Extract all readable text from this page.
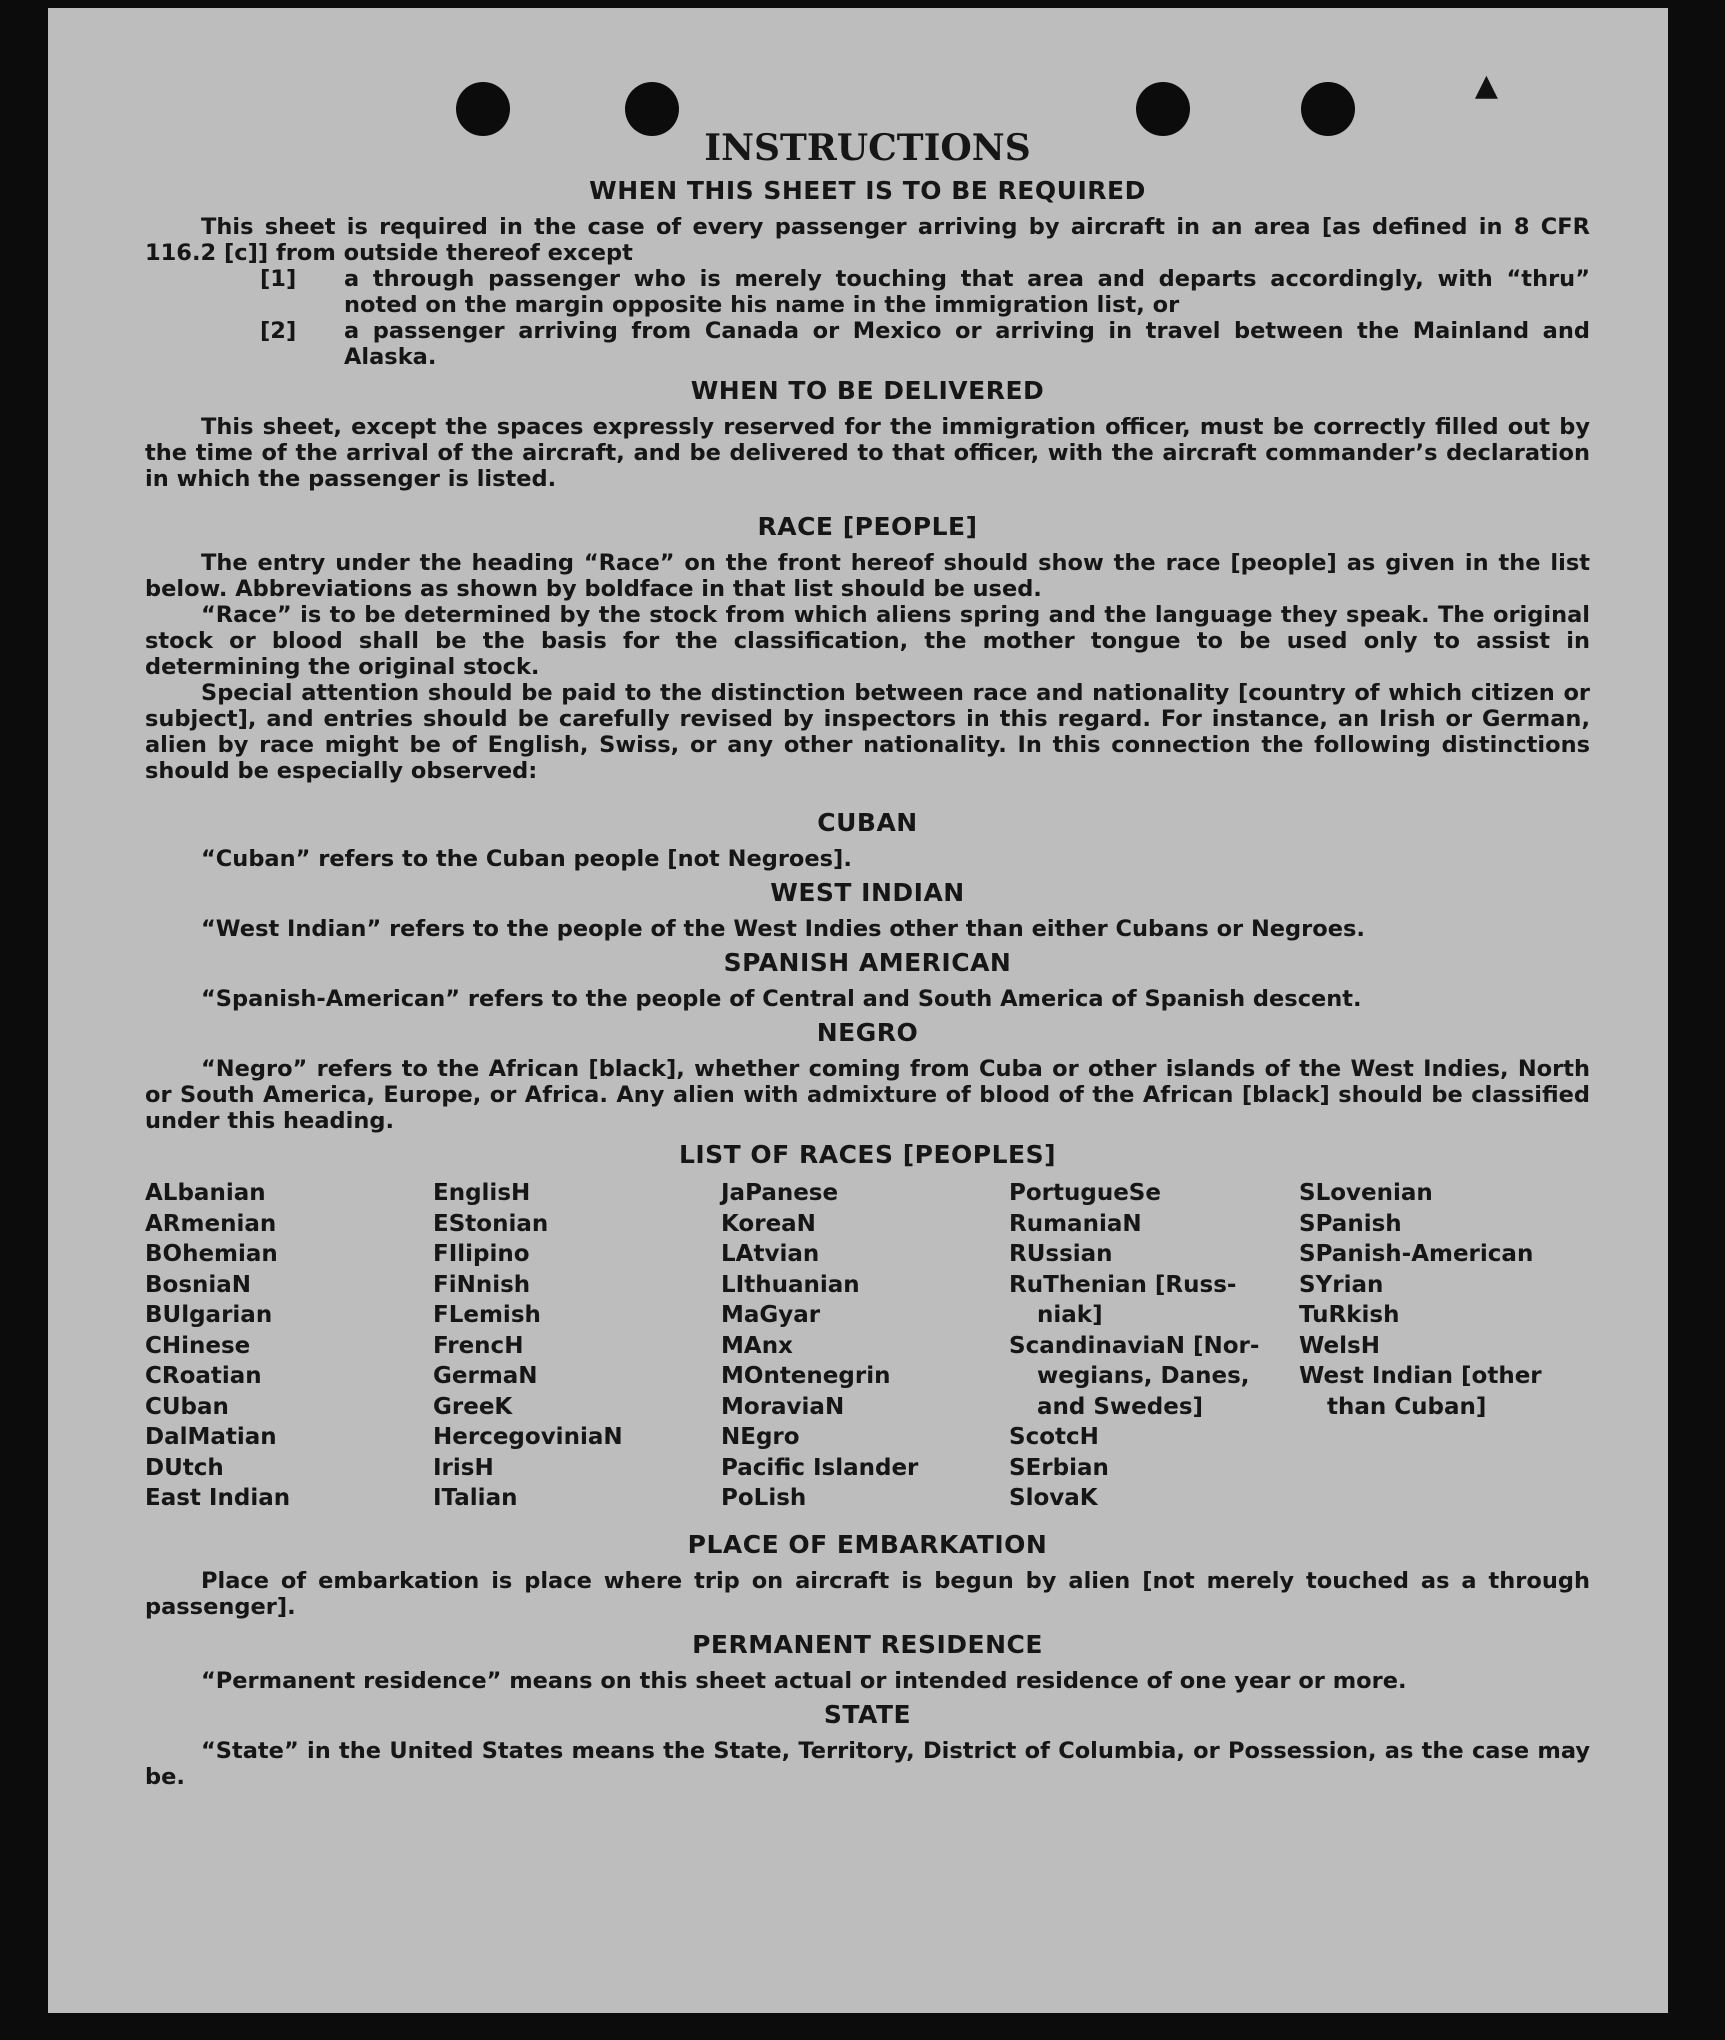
▲
INSTRUCTIONS
WHEN THIS SHEET IS TO BE REQUIRED

This sheet is required in the case of every passenger arriving by aircraft in an area [as defined in 8 CFR 116.2 [c]] from outside thereof except

[1]	a through passenger who is merely touching that area and departs accordingly, with “thru” noted on the margin opposite his name in the immigration list, or
[2]	a passenger arriving from Canada or Mexico or arriving in travel between the Mainland and Alaska.
WHEN TO BE DELIVERED

This sheet, except the spaces expressly reserved for the immigration officer, must be correctly filled out by the time of the arrival of the aircraft, and be delivered to that officer, with the aircraft commander’s declaration in which the passenger is listed.

RACE [PEOPLE]

The entry under the heading “Race” on the front hereof should show the race [people] as given in the list below. Abbreviations as shown by boldface in that list should be used.

“Race” is to be determined by the stock from which aliens spring and the language they speak. The original stock or blood shall be the basis for the classification, the mother tongue to be used only to assist in determining the original stock.

Special attention should be paid to the distinction between race and nationality [country of which citizen or subject], and entries should be carefully revised by inspectors in this regard. For instance, an Irish or German, alien by race might be of English, Swiss, or any other nationality. In this connection the following distinctions should be especially observed:

CUBAN

“Cuban” refers to the Cuban people [not Negroes].

WEST INDIAN

“West Indian” refers to the people of the West Indies other than either Cubans or Negroes.

SPANISH AMERICAN

“Spanish-American” refers to the people of Central and South America of Spanish descent.

NEGRO

“Negro” refers to the African [black], whether coming from Cuba or other islands of the West Indies, North or South America, Europe, or Africa. Any alien with admixture of blood of the African [black] should be classified under this heading.

LIST OF RACES [PEOPLES]
ALbanian
ARmenian
BOhemian
BosniaN
BUlgarian
CHinese
CRoatian
CUban
DalMatian
DUtch
East Indian
EnglisH
EStonian
FIlipino
FiNnish
FLemish
FrencH
GermaN
GreeK
HercegoviniaN
IrisH
ITalian
JaPanese
KoreaN
LAtvian
LIthuanian
MaGyar
MAnx
MOntenegrin
MoraviaN
NEgro
Pacific Islander
PoLish
PortugueSe
RumaniaN
RUssian
RuThenian [Russ-
niak]
ScandinaviaN [Nor-
wegians, Danes,
and Swedes]
ScotcH
SErbian
SlovaK
SLovenian
SPanish
SPanish-American
SYrian
TuRkish
WelsH
West Indian [other
than Cuban]
PLACE OF EMBARKATION

Place of embarkation is place where trip on aircraft is begun by alien [not merely touched as a through passenger].

PERMANENT RESIDENCE

“Permanent residence” means on this sheet actual or intended residence of one year or more.

STATE

“State” in the United States means the State, Territory, District of Columbia, or Possession, as the case may be.
